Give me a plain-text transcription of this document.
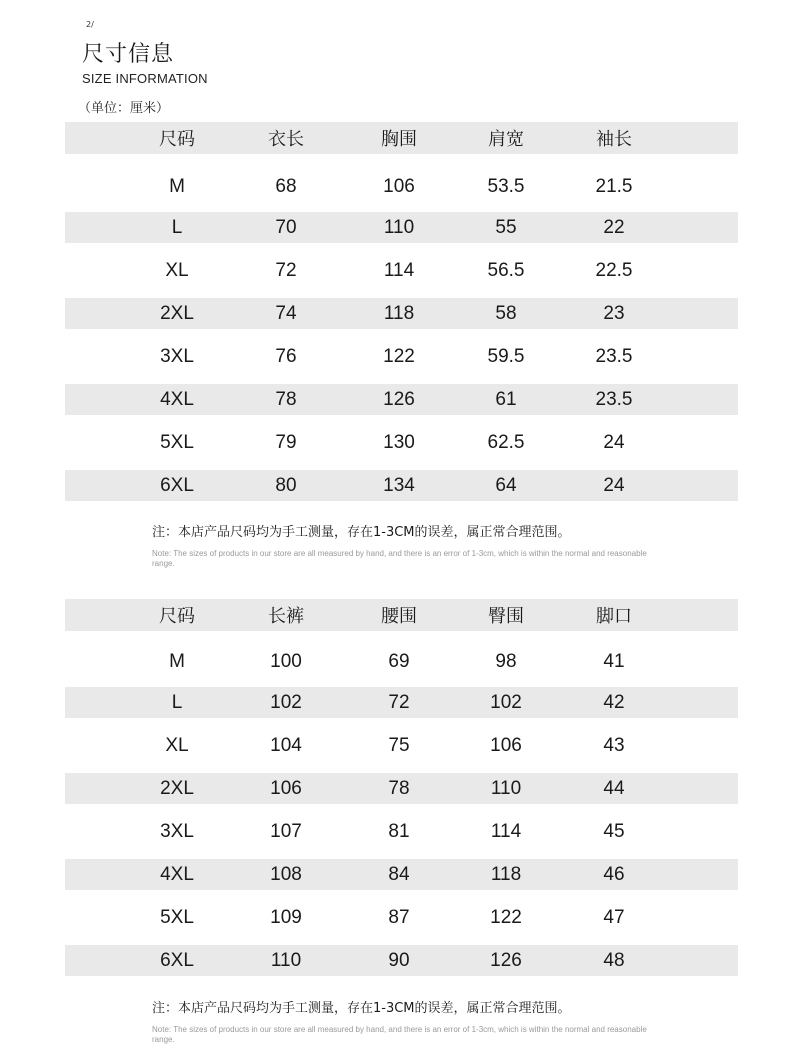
2/
尺寸信息
SIZE INFORMATION
（单位：厘米）
尺码	衣长	胸围	肩宽	袖长
M	68	106	53.5	21.5
L	70	110	55	22
XL	72	114	56.5	22.5
2XL	74	118	58	23
3XL	76	122	59.5	23.5
4XL	78	126	61	23.5
5XL	79	130	62.5	24
6XL	80	134	64	24
注：本店产品尺码均为手工测量，存在1-3CM的误差，属正常合理范围。
Note: The sizes of products in our store are all measured by hand, and there is an error of 1-3cm, which is within the normal and reasonable range.
尺码	长裤	腰围	臀围	脚口
M	100	69	98	41
L	102	72	102	42
XL	104	75	106	43
2XL	106	78	110	44
3XL	107	81	114	45
4XL	108	84	118	46
5XL	109	87	122	47
6XL	110	90	126	48
注：本店产品尺码均为手工测量，存在1-3CM的误差，属正常合理范围。
Note: The sizes of products in our store are all measured by hand, and there is an error of 1-3cm, which is within the normal and reasonable range.
